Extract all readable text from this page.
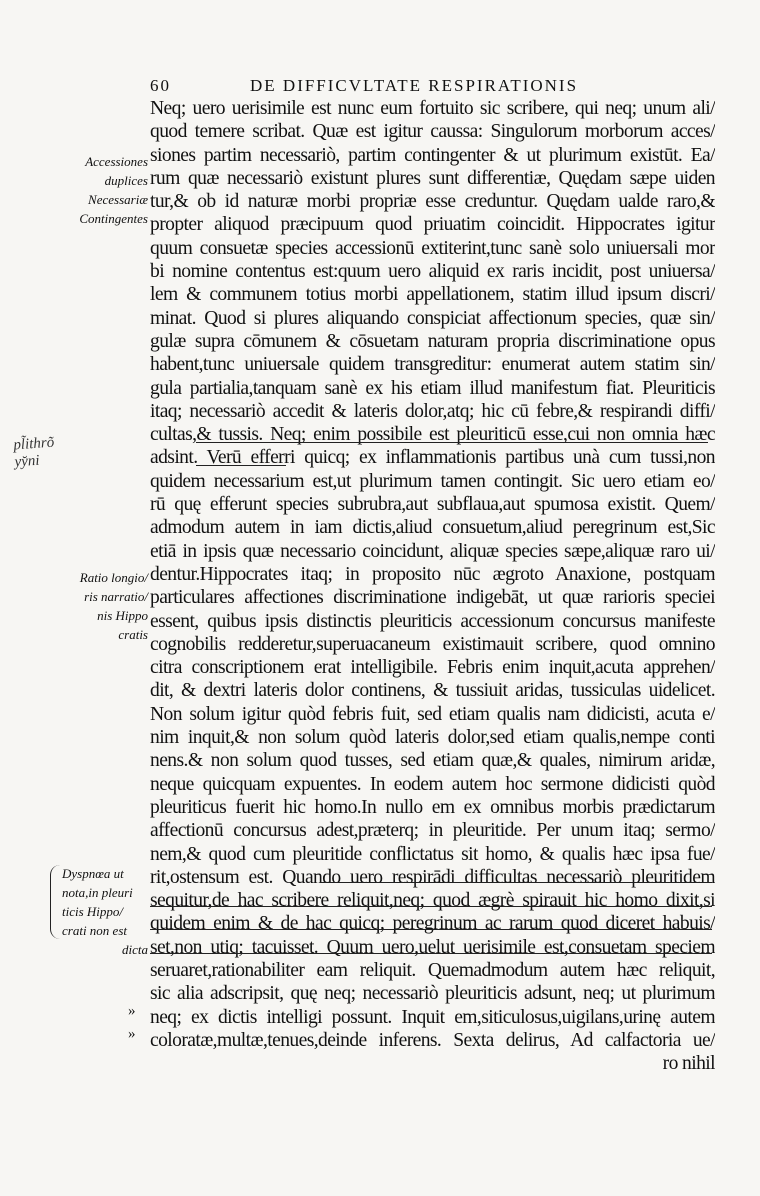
60	DE DIFFICVLTATE RESPIRATIONIS
Neq; uero uerisimile est nunc eum fortuito sic scribere, qui neq; unum ali/
quod temere scribat. Quæ est igitur caussa: Singulorum morborum acces/
siones partim necessariò, partim contingenter & ut plurimum existūt. Ea/
rum quæ necessariò existunt plures sunt differentiæ, Quędam sæpe uiden
tur,& ob id naturæ morbi propriæ esse creduntur. Quędam ualde raro,&
propter aliquod præcipuum quod priuatim coincidit. Hippocrates igitur
quum consuetæ species accessionū extiterint,tunc sanè solo uniuersali mor
bi nomine contentus est:quum uero aliquid ex raris incidit, post uniuersa/
lem & communem totius morbi appellationem, statim illud ipsum discri/
minat. Quod si plures aliquando conspiciat affectionum species, quæ sin/
gulæ supra cōmunem & cōsuetam naturam propria discriminatione opus
habent,tunc uniuersale quidem transgreditur: enumerat autem statim sin/
gula partialia,tanquam sanè ex his etiam illud manifestum fiat. Pleuriticis
itaq; necessariò accedit & lateris dolor,atq; hic cū febre,& respirandi diffi/
cultas,& tussis. Neq; enim possibile est pleuriticū esse,cui non omnia hæc
adsint. Verū efferri quicq; ex inflammationis partibus unà cum tussi,non
quidem necessarium est,ut plurimum tamen contingit. Sic uero etiam eo/
rū quę efferunt species subrubra,aut subflaua,aut spumosa existit. Quem/
admodum autem in iam dictis,aliud consuetum,aliud peregrinum est,Sic
etiā in ipsis quæ necessario coincidunt, aliquæ species sæpe,aliquæ raro ui/
dentur.Hippocrates itaq; in proposito nūc ægroto Anaxione, postquam
particulares affectiones discriminatione indigebāt, ut quæ rarioris speciei
essent, quibus ipsis distinctis pleuriticis accessionum concursus manifeste
cognobilis redderetur,superuacaneum existimauit scribere, quod omnino
citra conscriptionem erat intelligibile. Febris enim inquit,acuta apprehen/
dit, & dextri lateris dolor continens, & tussiuit aridas, tussiculas uidelicet.
Non solum igitur quòd febris fuit, sed etiam qualis nam didicisti, acuta e/
nim inquit,& non solum quòd lateris dolor,sed etiam qualis,nempe conti
nens.& non solum quod tusses, sed etiam quæ,& quales, nimirum aridæ,
neque quicquam expuentes. In eodem autem hoc sermone didicisti quòd
pleuriticus fuerit hic homo.In nullo em ex omnibus morbis prædictarum
affectionū concursus adest,præterq; in pleuritide. Per unum itaq; sermo/
nem,& quod cum pleuritide conflictatus sit homo, & qualis hæc ipsa fue/
rit,ostensum est. Quando uero respirādi difficultas necessariò pleuritidem
sequitur,de hac scribere reliquit,neq; quod ægrè spirauit hic homo dixit,si
quidem enim & de hac quicq; peregrinum ac rarum quod diceret habuis/
set,non utiq; tacuisset. Quum uero,uelut uerisimile est,consuetam speciem
seruaret,rationabiliter eam reliquit. Quemadmodum autem hæc reliquit,
sic alia adscripsit, quę neq; necessariò pleuriticis adsunt, neq; ut plurimum
neq; ex dictis intelligi possunt. Inquit em,siticulosus,uigilans,urinę autem
coloratæ,multæ,tenues,deinde inferens. Sexta delirus, Ad calfactoria ue/
ro nihil
Accessiones
duplices
Necessariæ
Contingentes
Ratio longio/
ris narratio/
nis Hippo
cratis
Dyspnœa ut
nota,in pleuri
ticis Hippo/
crati non est
dicta
pl̃ithrõ yy̆ni
»
»
